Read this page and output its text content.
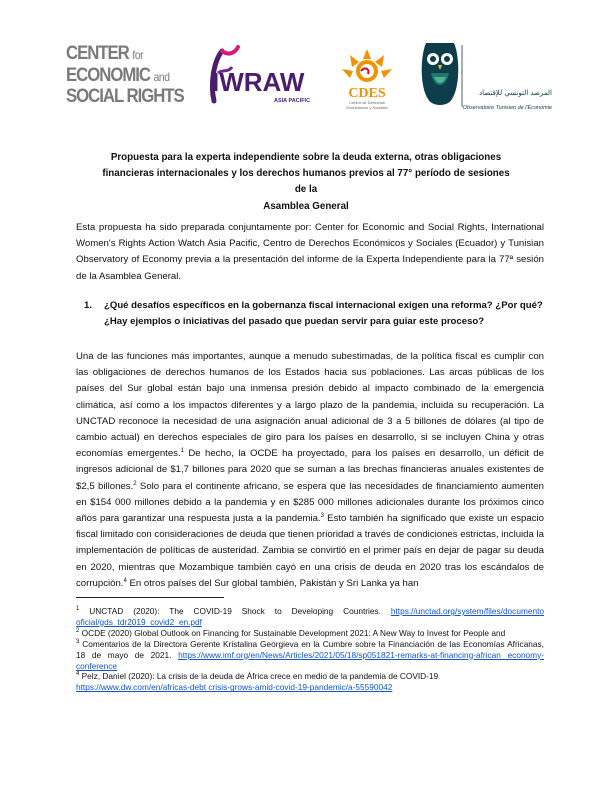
CENTER for
ECONOMIC and
SOCIAL RIGHTS IWRAW
ASIA PACIFIC	CDES
Centro de Derechos
Económicos y Sociales
المرصد التونسي للإقتصاد
Observatoire Tunisien de l'Économie
Propuesta para la experta independiente sobre la deuda externa, otras obligaciones
financieras internacionales y los derechos humanos previos al 77° período de sesiones de la
Asamblea General

Esta propuesta ha sido preparada conjuntamente por: Center for Economic and Social Rights, International Women's Rights Action Watch Asia Pacific, Centro de Derechos Económicos y Sociales (Ecuador) y Tunisian Observatory of Economy previa a la presentación del informe de la Experta Independiente para la 77ª sesión de la Asamblea General.

1.	¿Qué desafíos específicos en la gobernanza fiscal internacional exigen una reforma? ¿Por qué? ¿Hay ejemplos o iniciativas del pasado que puedan servir para guiar este proceso?

Una de las funciones más importantes, aunque a menudo subestimadas, de la política fiscal es cumplir con las obligaciones de derechos humanos de los Estados hacia sus poblaciones. Las arcas públicas de los países del Sur global están bajo una inmensa presión debido al impacto combinado de la emergencia climática, así como a los impactos diferentes y a largo plazo de la pandemia, incluida su recuperación. La UNCTAD reconoce la necesidad de una asignación anual adicional de 3 a 5 billones de dólares (al tipo de cambio actual) en derechos especiales de giro para los países en desarrollo, si se incluyen China y otras economías emergentes.$^1$ De hecho, la OCDE ha proyectado, para los países en desarrollo, un déficit de ingresos adicional de $1,7 billones para 2020 que se suman a las brechas financieras anuales existentes de $2,5 billones.$^2$ Solo para el continente africano, se espera que las necesidades de financiamiento aumenten en $154 000 millones debido a la pandemia y en $285 000 millones adicionales durante los próximos cinco años para garantizar una respuesta justa a la pandemia.$^3$ Esto también ha significado que existe un espacio fiscal limitado con consideraciones de deuda que tienen prioridad a través de condiciones estrictas, incluida la implementación de políticas de austeridad. Zambia se convirtió en el primer país en dejar de pagar su deuda en 2020, mientras que Mozambique también cayó en una crisis de deuda en 2020 tras los escándalos de corrupción.$^4$ En otros países del Sur global también, Pakistán y Sri Lanka ya han

$^1$ UNCTAD (2020): The COVID-19 Shock to Developing Countries. https://unctad.org/system/files/documento oficial/gds_tdr2019_covid2_en.pdf

$^2$ OCDE (2020) Global Outlook on Financing for Sustainable Development 2021: A New Way to Invest for People and

$^3$ Comentarios de la Directora Gerente Kristalina Georgieva en la Cumbre sobre la Financiación de las Economías Africanas, 18 de mayo de 2021. https://www.imf.org/en/News/Articles/2021/05/18/sp051821-remarks-at-financing-african economy-conference

$^4$ Pelz, Daniel (2020): La crisis de la deuda de África crece en medio de la pandemia de COVID-19
https://www.dw.com/en/africas-debt crisis-grows-amid-covid-19-pandemic/a-55590042
